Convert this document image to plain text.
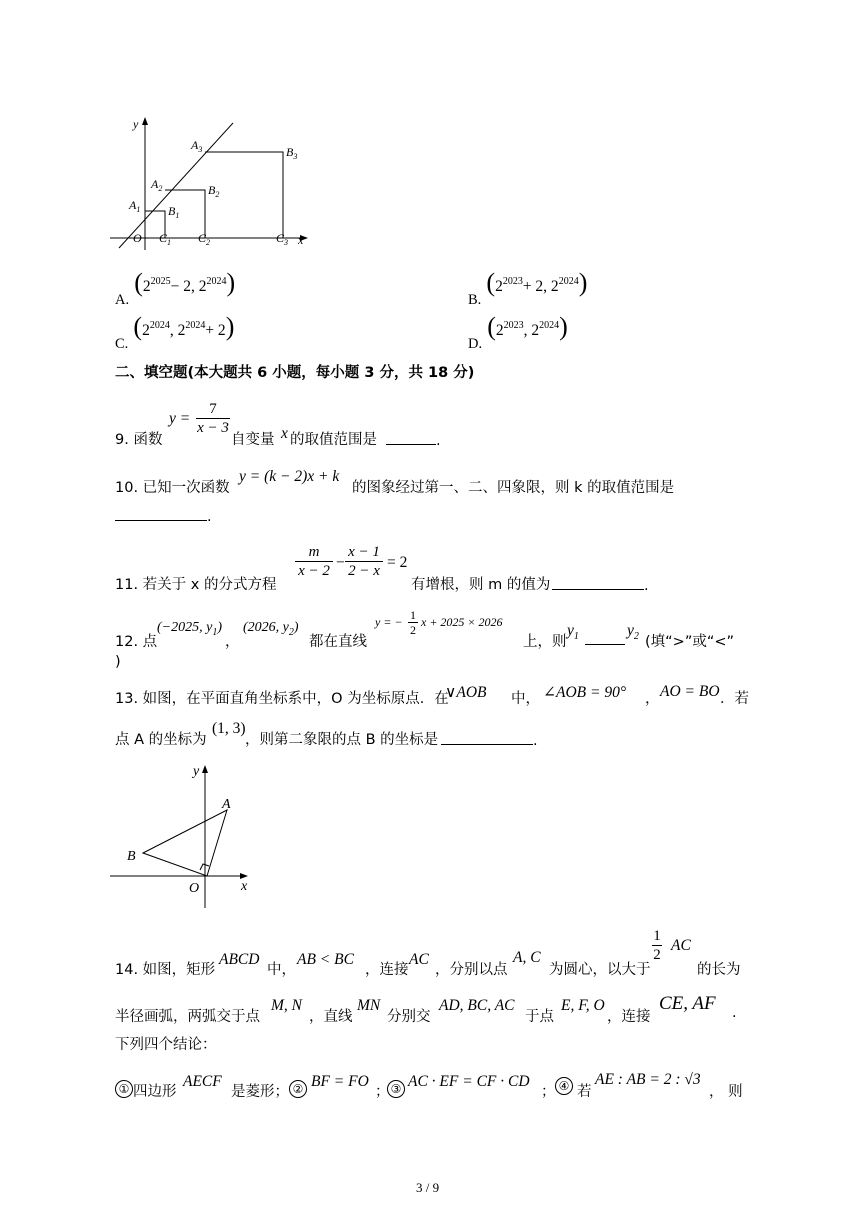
y
x
O
$A_1$
$A_2$
$A_3$
$B_1$
$B_2$
$B_3$
$C_1$ $C_2$	$C_3$
A. ($2^{2025}- 2$, $2^{2024}$)
B. ($2^{2023}+ 2$, $2^{2024}$)
C. ($2^{2024}$, $2^{2024}+ 2$)
D. ($2^{2023}$, $2^{2024}$)
二、填空题(本大题共 6 小题，每小题 3 分，共 18 分)
9. 函数
y =
7
x − 3
自变量 x 的取值范围是	.
10. 已知一次函数
y = (k − 2)x + k
的图象经过第一、二、四象限，则 k 的取值范围是
.
11. 若关于 x 的分式方程
m
x − 2 −
x − 1
2 − x = 2
有增根，则 m 的值为	.
12. 点
(−2025, $y_1$)
，
(2026, $y_2$)
都在直线
y = − 1
2
x + 2025 × 2026
上，则
$y_1$	$y_2$ (填“>”或“<”
)
13. 如图，在平面直角坐标系中，O 为坐标原点．在
∨AOB 中， ∠AOB = 90° ， AO = BO ．若
点 A 的坐标为
(1, 3)
，则第二象限的点 B 的坐标是	.
y
x
O
A
B
14. 如图，矩形
ABCD
中，
AB < BC
，连接
AC
，分别以点
A, C
为圆心，以大于
1
2
AC
的长为
半径画弧，两弧交于点
M, N
，直线
MN
分别交
AD, BC, AC
于点
E, F, O
，连接
CE, AF .
下列四个结论：
① 四边形
AECF
是菱形； ② BF = FO
； ③ AC · EF = CF · CD
； ④ 若
AE : AB = 2 : √3
， 则
3 / 9
